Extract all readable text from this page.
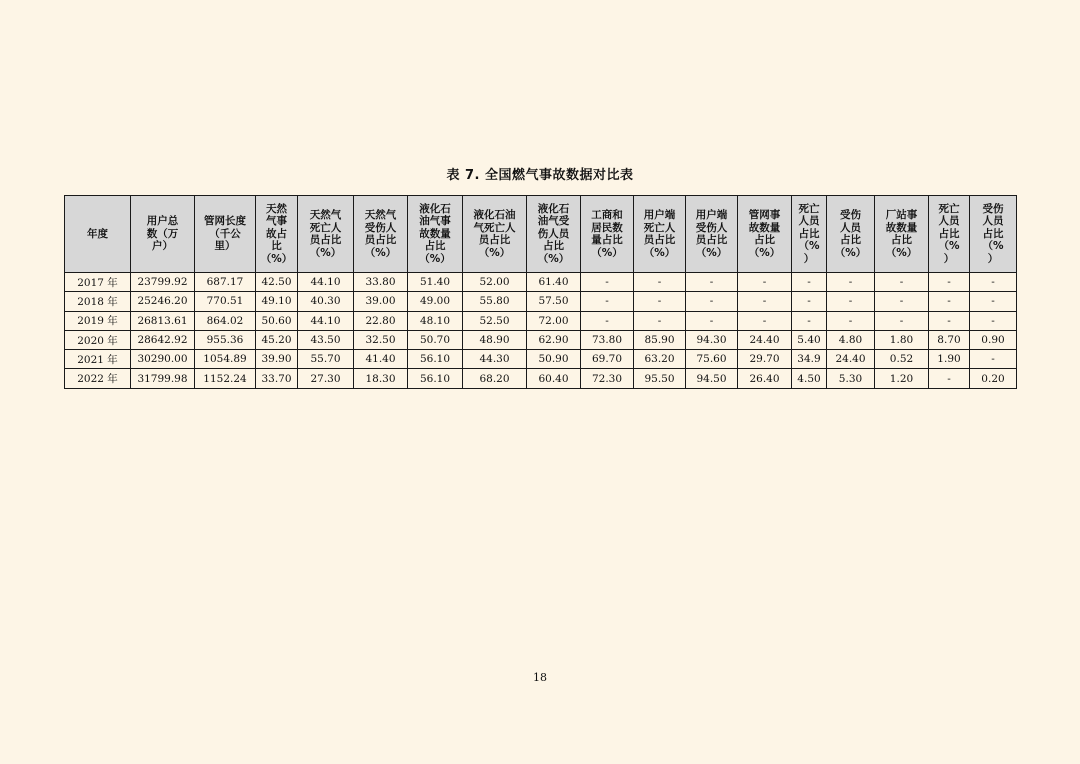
表 7. 全国燃气事故数据对比表
年度	用户总
数（万
户）	管网长度
（千公
里）	天然
气事
故占
比
（%）	天然气
死亡人
员占比
（%）	天然气
受伤人
员占比
（%）	液化石
油气事
故数量
占比
（%）	液化石油
气死亡人
员占比
（%）	液化石
油气受
伤人员
占比
（%）	工商和
居民数
量占比
（%）	用户端
死亡人
员占比
（%）	用户端
受伤人
员占比
（%）	管网事
故数量
占比
（%）	死亡
人员
占比
（%
）	受伤
人员
占比
（%）	厂站事
故数量
占比
（%）	死亡
人员
占比
（%
）	受伤
人员
占比
（%
）
2017 年	23799.92	687.17	42.50	44.10	33.80	51.40	52.00	61.40	-	-	-	-	-	-	-	-	-
2018 年	25246.20	770.51	49.10	40.30	39.00	49.00	55.80	57.50	-	-	-	-	-	-	-	-	-
2019 年	26813.61	864.02	50.60	44.10	22.80	48.10	52.50	72.00	-	-	-	-	-	-	-	-	-
2020 年	28642.92	955.36	45.20	43.50	32.50	50.70	48.90	62.90	73.80	85.90	94.30	24.40	5.40	4.80	1.80	8.70	0.90
2021 年	30290.00	1054.89	39.90	55.70	41.40	56.10	44.30	50.90	69.70	63.20	75.60	29.70	34.9	24.40	0.52	1.90	-
2022 年	31799.98	1152.24	33.70	27.30	18.30	56.10	68.20	60.40	72.30	95.50	94.50	26.40	4.50	5.30	1.20	-	0.20
18
